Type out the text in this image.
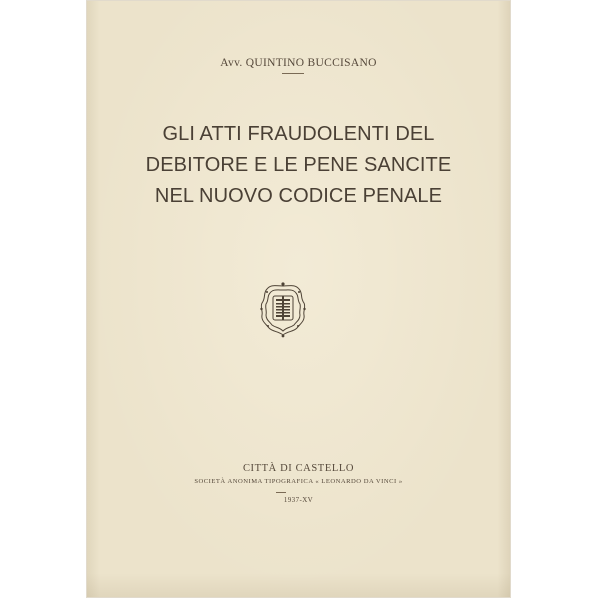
Avv. QUINTINO BUCCISANO

GLI ATTI FRAUDOLENTI DEL
DEBITORE E LE PENE SANCITE
NEL NUOVO CODICE PENALE

CITTÀ DI CASTELLO

SOCIETÀ ANONIMA TIPOGRAFICA « LEONARDO DA VINCI »

1937-XV
